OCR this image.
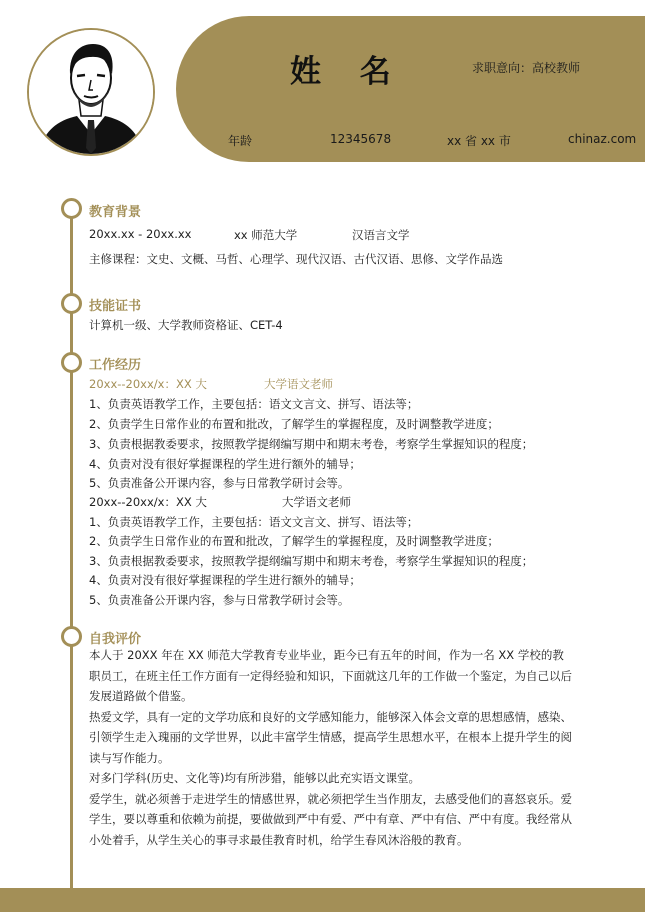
姓 名	求职意向：高校教师
年龄	12345678	xx 省 xx 市	chinaz.com
教育背景
20xx.xx - 20xx.xx	xx 师范大学	汉语言文学
主修课程：文史、文概、马哲、心理学、现代汉语、古代汉语、思修、文学作品选
技能证书
计算机一级、大学教师资格证、CET-4
工作经历
20xx--20xx/x：XX 大	大学语文老师
1、负责英语教学工作，主要包括：语文文言文、拼写、语法等；
2、负责学生日常作业的布置和批改，了解学生的掌握程度，及时调整教学进度；
3、负责根据教委要求，按照教学提纲编写期中和期末考卷，考察学生掌握知识的程度；
4、负责对没有很好掌握课程的学生进行额外的辅导；
5、负责准备公开课内容，参与日常教学研讨会等。
20xx--20xx/x：XX 大	大学语文老师
1、负责英语教学工作，主要包括：语文文言文、拼写、语法等；
2、负责学生日常作业的布置和批改，了解学生的掌握程度，及时调整教学进度；
3、负责根据教委要求，按照教学提纲编写期中和期末考卷，考察学生掌握知识的程度；
4、负责对没有很好掌握课程的学生进行额外的辅导；
5、负责准备公开课内容，参与日常教学研讨会等。
自我评价

本人于 20XX 年在 XX 师范大学教育专业毕业，距今已有五年的时间，作为一名 XX 学校的教职员工，在班主任工作方面有一定得经验和知识，下面就这几年的工作做一个鉴定，为自己以后发展道路做个借鉴。

热爱文学，具有一定的文学功底和良好的文学感知能力，能够深入体会文章的思想感情，感染、引领学生走入瑰丽的文学世界，以此丰富学生情感，提高学生思想水平，在根本上提升学生的阅读与写作能力。

对多门学科(历史、文化等)均有所涉猎，能够以此充实语文课堂。

爱学生，就必须善于走进学生的情感世界，就必须把学生当作朋友，去感受他们的喜怒哀乐。爱学生，要以尊重和依赖为前提，要做做到严中有爱、严中有章、严中有信、严中有度。我经常从小处着手，从学生关心的事寻求最佳教育时机，给学生春风沐浴般的教育。
